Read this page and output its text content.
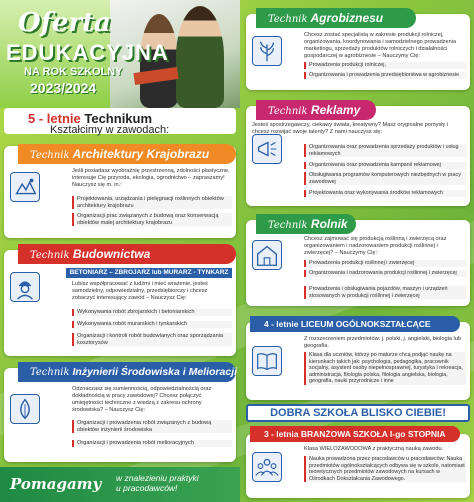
Oferta
EDUKACYJNA
NA ROK SZKOLNY
2023/2024
5 - letnie Technikum
Kształcimy w zawodach:
Technik Architektury Krajobrazu
Jeśli posiadasz wyobraźnię przestrzenną, zdolności plastyczne, interesuje Cię przyroda, ekologia, ogrodnictwo – zapraszamy! Nauczysz się m. in.:
Projektowania, urządzania i pielęgnacji roślinnych obiektów architektury krajobrazu
Organizacji prac związanych z budową oraz konserwacją obiektów małej architektury krajobrazu
Technik Budownictwa
BETONIARZ – ZBROJARZ lub MURARZ - TYNKARZ
Lubisz współpracować z ludźmi i mieć wrażenie, jesteś samodzielny, odpowiedzialny, przedsiębiorczy i chcesz zobaczyć interesujący zawód – Nauczysz Cię:
Wykonywania robót zbrojarskich i betoniarskich
Wykonywania robót murarskich i tynkarskich
Organizacji i kontroli robót budowlanych oraz sporządzania kosztorysów
Technik Inżynierii Środowiska i Melioracji
Odznaczasz się sumiennością, odpowiedzialnością oraz dokładnością w pracy zawodowej? Chcesz połączyć umiejętności techniczne z wiedzą z zakresu ochrony środowiska? – Nauczysz Cię:
Organizacji i prowadzenia robót związanych z budową obiektów inżynierii środowiska
Organizacji i prowadzenia robót melioracyjnych
Pomagamy w znalezieniu praktyki
u pracodawców!
Technik Agrobiznesu
Chcesz zostać specjalistą w zakresie produkcji rolniczej, organizowania, koordynowania i samodzielnego prowadzenia marketingu, sprzedaży produktów rolniczych i działalności gospodarczej w agrobiznesie – Nauczymy Cię:
Prowadzenia produkcji rolniczej,
Organizowania i prowadzenia przedsiębiorstwa w agrobiznesie
Technik Reklamy
Jesteś spostrzegawczy, ciekawy świata, kreatywny? Masz oryginalne pomysły i chcesz rozwijać swoje talenty? Z nami nauczysz się:
Organizowania oraz prowadzenia sprzedaży produktów i usług reklamowych
Organizowania oraz prowadzenia kampanii reklamowej
Obsługiwania programów komputerowych niezbędnych w pracy zawodowej
Projektowania oraz wykonywania środków reklamowych
Technik Rolnik
Chcesz zajmować się produkcją roślinną i zwierzęcą oraz organizowaniem i nadzorowaniem produkcji roślinnej i zwierzęcej? – Nauczymy Cię:
Prowadzenia produkcji roślinnej i zwierzęcej
Organizowania i nadzorowania produkcji roślinnej i zwierzęcej
Prowadzenia i obsługiwania pojazdów, maszyn i urządzeń stosowanych w produkcji roślinnej i zwierzęcej
4 - letnie LICEUM OGÓLNOKSZTAŁCĄCE
Z rozszerzeniem przedmiotów: j. polski, j. angielski, biologia lub geografia.
Klasa dla uczniów, którzy po maturze chcą podjąć naukę na kierunkach takich jak: psychologia, pedagogika, pracownik socjalny, asystent osoby niepełnosprawnej, turystyka i rekreacja, administracja, filologia polska, filologia angielska, biologia, geografia, nauki przyrodnicze i inne
DOBRA SZKOŁA BLISKO CIEBIE!
3 - letnia BRANŻOWA SZKOŁA I-go STOPNIA
Klasa WIELOZAWODOWA z praktyczną nauką zawodu.
Nauka prowadzona przez pracodawców u pracodawców: Nauka przedmiotów ogólnokształcących odbywa się w szkole, natomiast teoretycznych przedmiotów zawodowych na kursach w Ośrodkach Dokształcania Zawodowego.
